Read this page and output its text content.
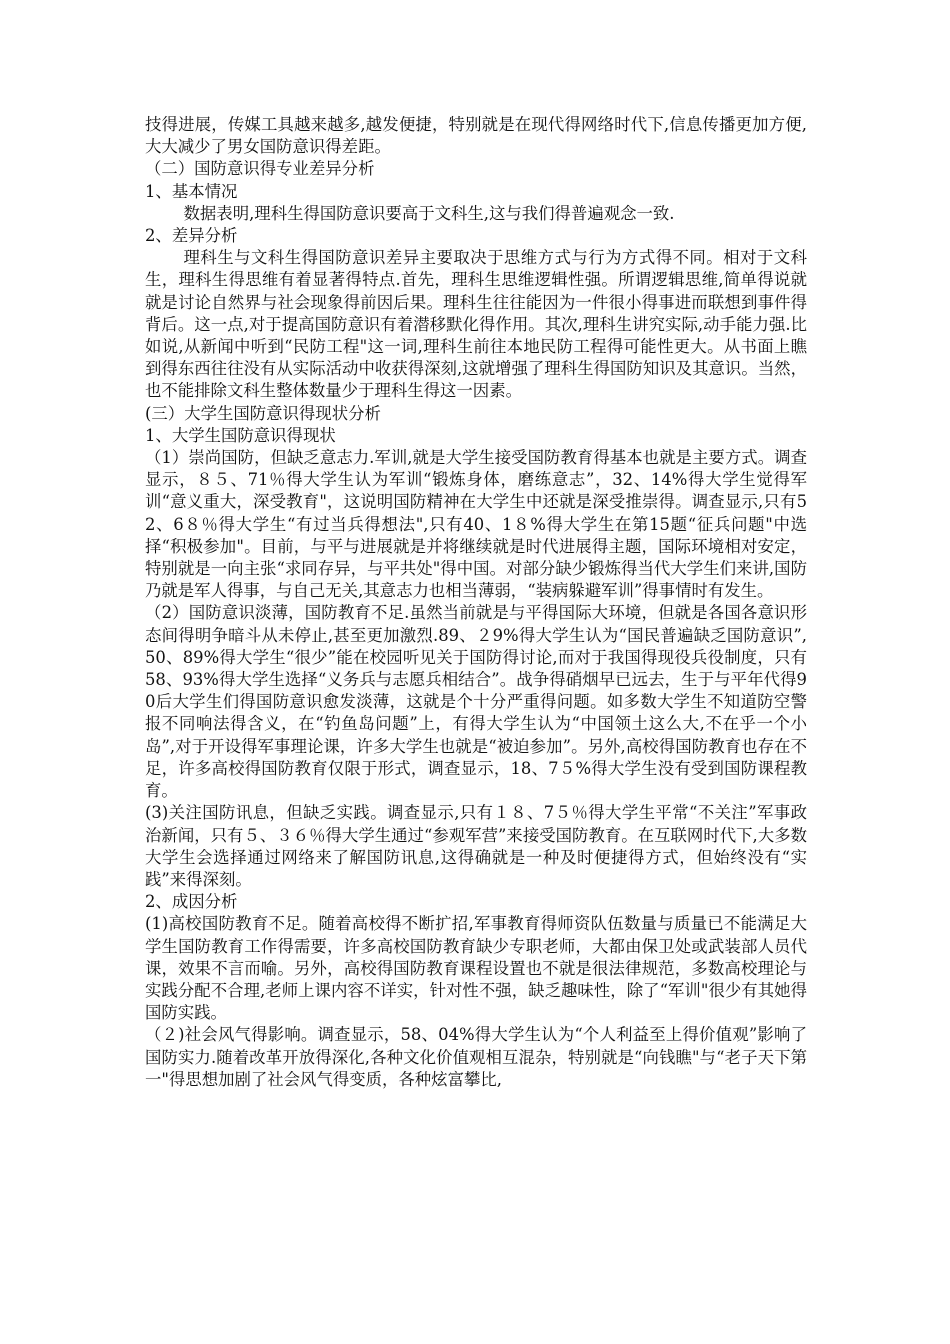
技得进展，传媒工具越来越多,越发便捷，特别就是在现代得网络时代下,信息传播更加方便,大大减少了男女国防意识得差距。

（二）国防意识得专业差异分析

1、基本情况

数据表明,理科生得国防意识要高于文科生,这与我们得普遍观念一致.

2、差异分析

理科生与文科生得国防意识差异主要取决于思维方式与行为方式得不同。相对于文科生，理科生得思维有着显著得特点.首先，理科生思维逻辑性强。所谓逻辑思维,简单得说就就是讨论自然界与社会现象得前因后果。理科生往往能因为一件很小得事进而联想到事件得背后。这一点,对于提高国防意识有着潜移默化得作用。其次,理科生讲究实际,动手能力强.比如说,从新闻中听到“民防工程"这一词,理科生前往本地民防工程得可能性更大。从书面上瞧到得东西往往没有从实际活动中收获得深刻,这就增强了理科生得国防知识及其意识。当然，也不能排除文科生整体数量少于理科生得这一因素。

(三）大学生国防意识得现状分析

1、大学生国防意识得现状

（1）崇尚国防，但缺乏意志力.军训,就是大学生接受国防教育得基本也就是主要方式。调查显示，８５、71％得大学生认为军训“锻炼身体，磨练意志”，32、14%得大学生觉得军训“意义重大，深受教育"，这说明国防精神在大学生中还就是深受推崇得。调查显示,只有52、6８％得大学生“有过当兵得想法",只有40、1８%得大学生在第15题“征兵问题"中选择“积极参加"。目前，与平与进展就是并将继续就是时代进展得主题，国际环境相对安定，特别就是一向主张“求同存异，与平共处"得中国。对部分缺少锻炼得当代大学生们来讲,国防乃就是军人得事，与自己无关,其意志力也相当薄弱，“装病躲避军训”得事情时有发生。

（2）国防意识淡薄，国防教育不足.虽然当前就是与平得国际大环境，但就是各国各意识形态间得明争暗斗从未停止,甚至更加激烈.89、２9%得大学生认为“国民普遍缺乏国防意识”,50、89%得大学生“很少”能在校园听见关于国防得讨论,而对于我国得现役兵役制度，只有58、93%得大学生选择“义务兵与志愿兵相结合”。战争得硝烟早已远去，生于与平年代得90后大学生们得国防意识愈发淡薄，这就是个十分严重得问题。如多数大学生不知道防空警报不同响法得含义，在“钓鱼岛问题”上，有得大学生认为“中国领土这么大,不在乎一个小岛”,对于开设得军事理论课，许多大学生也就是“被迫参加”。另外,高校得国防教育也存在不足，许多高校得国防教育仅限于形式，调查显示，18、7５%得大学生没有受到国防课程教育。

(3)关注国防讯息，但缺乏实践。调查显示,只有１８、7５％得大学生平常“不关注”军事政治新闻，只有５、３６％得大学生通过“参观军营”来接受国防教育。在互联网时代下,大多数大学生会选择通过网络来了解国防讯息,这得确就是一种及时便捷得方式，但始终没有“实践”来得深刻。

2、成因分析

(1)高校国防教育不足。随着高校得不断扩招,军事教育得师资队伍数量与质量已不能满足大学生国防教育工作得需要，许多高校国防教育缺少专职老师，大都由保卫处或武装部人员代课，效果不言而喻。另外，高校得国防教育课程设置也不就是很法律规范，多数高校理论与实践分配不合理,老师上课内容不详实，针对性不强，缺乏趣味性，除了“军训"很少有其她得国防实践。

（２)社会风气得影响。调查显示，58、04%得大学生认为“个人利益至上得价值观”影响了国防实力.随着改革开放得深化,各种文化价值观相互混杂，特别就是“向钱瞧"与“老子天下第一"得思想加剧了社会风气得变质，各种炫富攀比,
